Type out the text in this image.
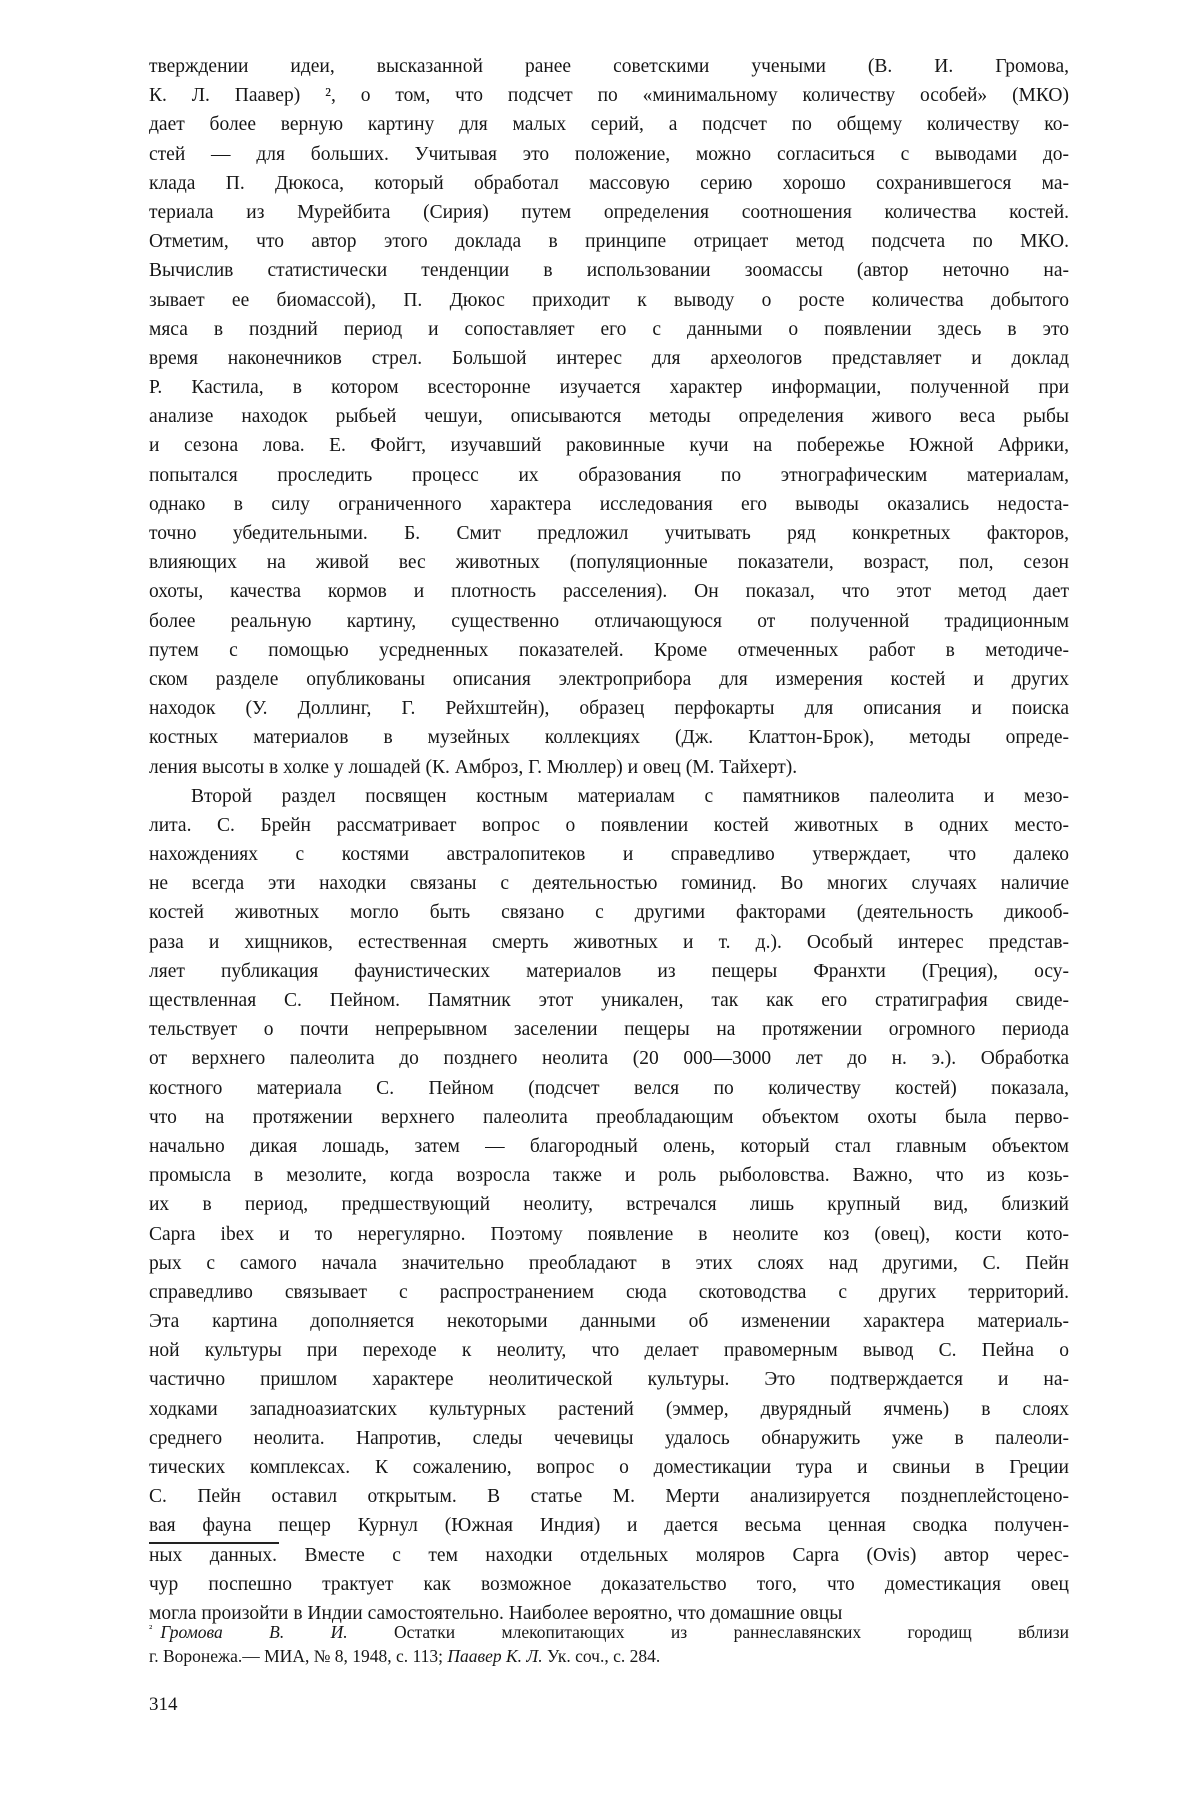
тверждении идеи, высказанной ранее советскими учеными (В. И. Громова,
К. Л. Паавер) ², о том, что подсчет по «минимальному количеству особей» (МКО)
дает более верную картину для малых серий, а подсчет по общему количеству ко-
стей — для больших. Учитывая это положение, можно согласиться с выводами до-
клада П. Дюкоса, который обработал массовую серию хорошо сохранившегося ма-
териала из Мурейбита (Сирия) путем определения соотношения количества костей.
Отметим, что автор этого доклада в принципе отрицает метод подсчета по МКО.
Вычислив статистически тенденции в использовании зоомассы (автор неточно на-
зывает ее биомассой), П. Дюкос приходит к выводу о росте количества добытого
мяса в поздний период и сопоставляет его с данными о появлении здесь в это
время наконечников стрел. Большой интерес для археологов представляет и доклад
Р. Кастила, в котором всесторонне изучается характер информации, полученной при
анализе находок рыбьей чешуи, описываются методы определения живого веса рыбы
и сезона лова. Е. Фойгт, изучавший раковинные кучи на побережье Южной Африки,
попытался проследить процесс их образования по этнографическим материалам,
однако в силу ограниченного характера исследования его выводы оказались недоста-
точно убедительными. Б. Смит предложил учитывать ряд конкретных факторов,
влияющих на живой вес животных (популяционные показатели, возраст, пол, сезон
охоты, качества кормов и плотность расселения). Он показал, что этот метод дает
более реальную картину, существенно отличающуюся от полученной традиционным
путем с помощью усредненных показателей. Кроме отмеченных работ в методиче-
ском разделе опубликованы описания электроприбора для измерения костей и других
находок (У. Доллинг, Г. Рейхштейн), образец перфокарты для описания и поиска
костных материалов в музейных коллекциях (Дж. Клаттон-Брок), методы опреде-
ления высоты в холке у лошадей (К. Амброз, Г. Мюллер) и овец (М. Тайхерт).
Второй раздел посвящен костным материалам с памятников палеолита и мезо-
лита. С. Брейн рассматривает вопрос о появлении костей животных в одних место-
нахождениях с костями австралопитеков и справедливо утверждает, что далеко
не всегда эти находки связаны с деятельностью гоминид. Во многих случаях наличие
костей животных могло быть связано с другими факторами (деятельность дикооб-
раза и хищников, естественная смерть животных и т. д.). Особый интерес представ-
ляет публикация фаунистических материалов из пещеры Франхти (Греция), осу-
ществленная С. Пейном. Памятник этот уникален, так как его стратиграфия свиде-
тельствует о почти непрерывном заселении пещеры на протяжении огромного периода
от верхнего палеолита до позднего неолита (20 000—3000 лет до н. э.). Обработка
костного материала С. Пейном (подсчет велся по количеству костей) показала,
что на протяжении верхнего палеолита преобладающим объектом охоты была перво-
начально дикая лошадь, затем — благородный олень, который стал главным объектом
промысла в мезолите, когда возросла также и роль рыболовства. Важно, что из козь-
их в период, предшествующий неолиту, встречался лишь крупный вид, близкий
Capra ibex и то нерегулярно. Поэтому появление в неолите коз (овец), кости кото-
рых с самого начала значительно преобладают в этих слоях над другими, С. Пейн
справедливо связывает с распространением сюда скотоводства с других территорий.
Эта картина дополняется некоторыми данными об изменении характера материаль-
ной культуры при переходе к неолиту, что делает правомерным вывод С. Пейна о
частично пришлом характере неолитической культуры. Это подтверждается и на-
ходками западноазиатских культурных растений (эммер, двурядный ячмень) в слоях
среднего неолита. Напротив, следы чечевицы удалось обнаружить уже в палеоли-
тических комплексах. К сожалению, вопрос о доместикации тура и свиньи в Греции
С. Пейн оставил открытым. В статье М. Мерти анализируется позднеплейстоцено-
вая фауна пещер Курнул (Южная Индия) и дается весьма ценная сводка получен-
ных данных. Вместе с тем находки отдельных моляров Capra (Ovis) автор черес-
чур поспешно трактует как возможное доказательство того, что доместикация овец
могла произойти в Индии самостоятельно. Наиболее вероятно, что домашние овцы
$^{^2}$ Громова В. И.	Остатки млекопитающих из раннеславянских городищ вблизи
г. Воронежа.— МИА, № 8, 1948, с. 113; Паавер К. Л. Ук. соч., с. 284.
314
